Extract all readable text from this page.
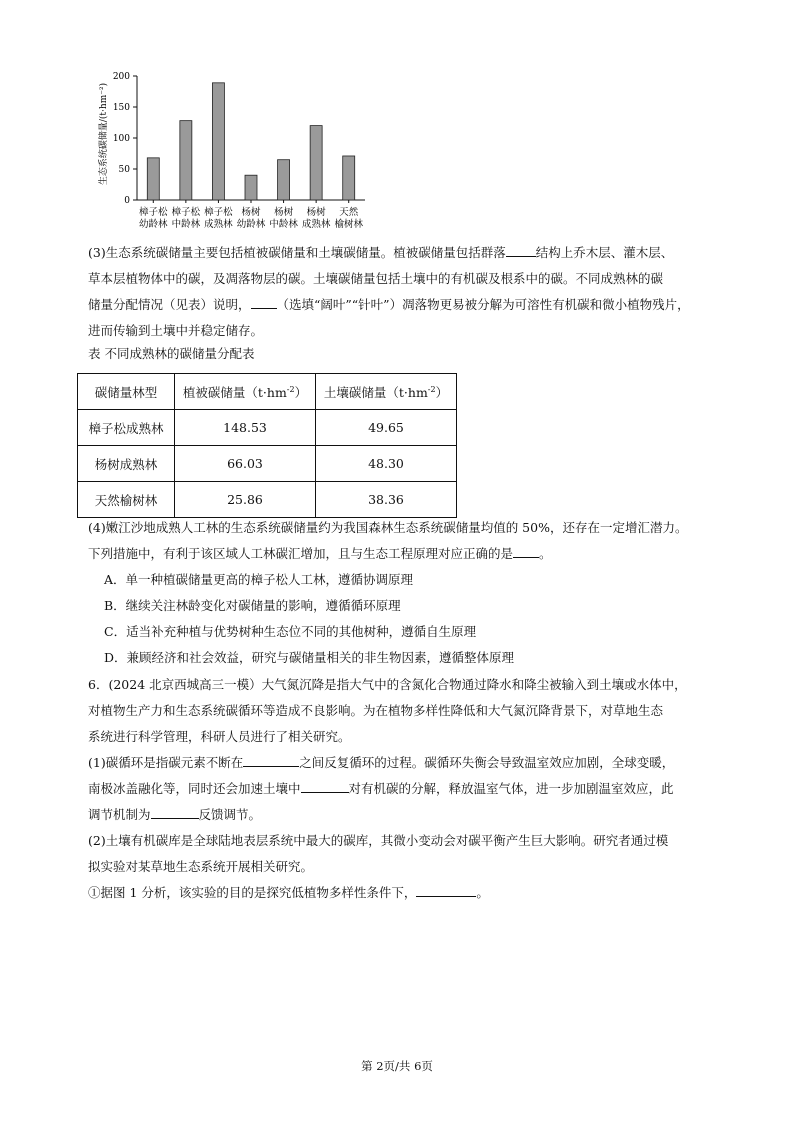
生态系统碳储量/(t·hm⁻²)
0
50
100
150
200
樟子松
幼龄林
樟子松
中龄林
樟子松
成熟林
杨树
幼龄林
杨树
中龄林
杨树
成熟林
天然
榆树林

(3)生态系统碳储量主要包括植被碳储量和土壤碳储量。植被碳储量包括群落 结构上乔木层、灌木层、

草本层植物体中的碳，及凋落物层的碳。土壤碳储量包括土壤中的有机碳及根系中的碳。不同成熟林的碳

储量分配情况（见表）说明， （选填“阔叶”“针叶”）凋落物更易被分解为可溶性有机碳和微小植物残片，

进而传输到土壤中并稳定储存。

表 不同成熟林的碳储量分配表
碳储量林型	植被碳储量$(t\cdot hm^{-2})$	土壤碳储量$(t\cdot hm^{-2})$
樟子松成熟林	148.53	49.65
杨树成熟林	66.03	48.30
天然榆树林	25.86	38.36

(4)嫩江沙地成熟人工林的生态系统碳储量约为我国森林生态系统碳储量均值的 50%，还存在一定增汇潜力。

下列措施中，有利于该区域人工林碳汇增加，且与生态工程原理对应正确的是 。

A．单一种植碳储量更高的樟子松人工林，遵循协调原理

B．继续关注林龄变化对碳储量的影响，遵循循环原理

C．适当补充种植与优势树种生态位不同的其他树种，遵循自生原理

D．兼顾经济和社会效益，研究与碳储量相关的非生物因素，遵循整体原理

6．(2024 北京西城高三一模）大气氮沉降是指大气中的含氮化合物通过降水和降尘被输入到土壤或水体中，

对植物生产力和生态系统碳循环等造成不良影响。为在植物多样性降低和大气氮沉降背景下，对草地生态

系统进行科学管理，科研人员进行了相关研究。

(1)碳循环是指碳元素不断在	之间反复循环的过程。碳循环失衡会导致温室效应加剧，全球变暖，

南极冰盖融化等，同时还会加速土壤中	对有机碳的分解，释放温室气体，进一步加剧温室效应，此

调节机制为	反馈调节。

(2)土壤有机碳库是全球陆地表层系统中最大的碳库，其微小变动会对碳平衡产生巨大影响。研究者通过模

拟实验对某草地生态系统开展相关研究。

①据图 1 分析，该实验的目的是探究低植物多样性条件下，	。

第 2页/共 6页
